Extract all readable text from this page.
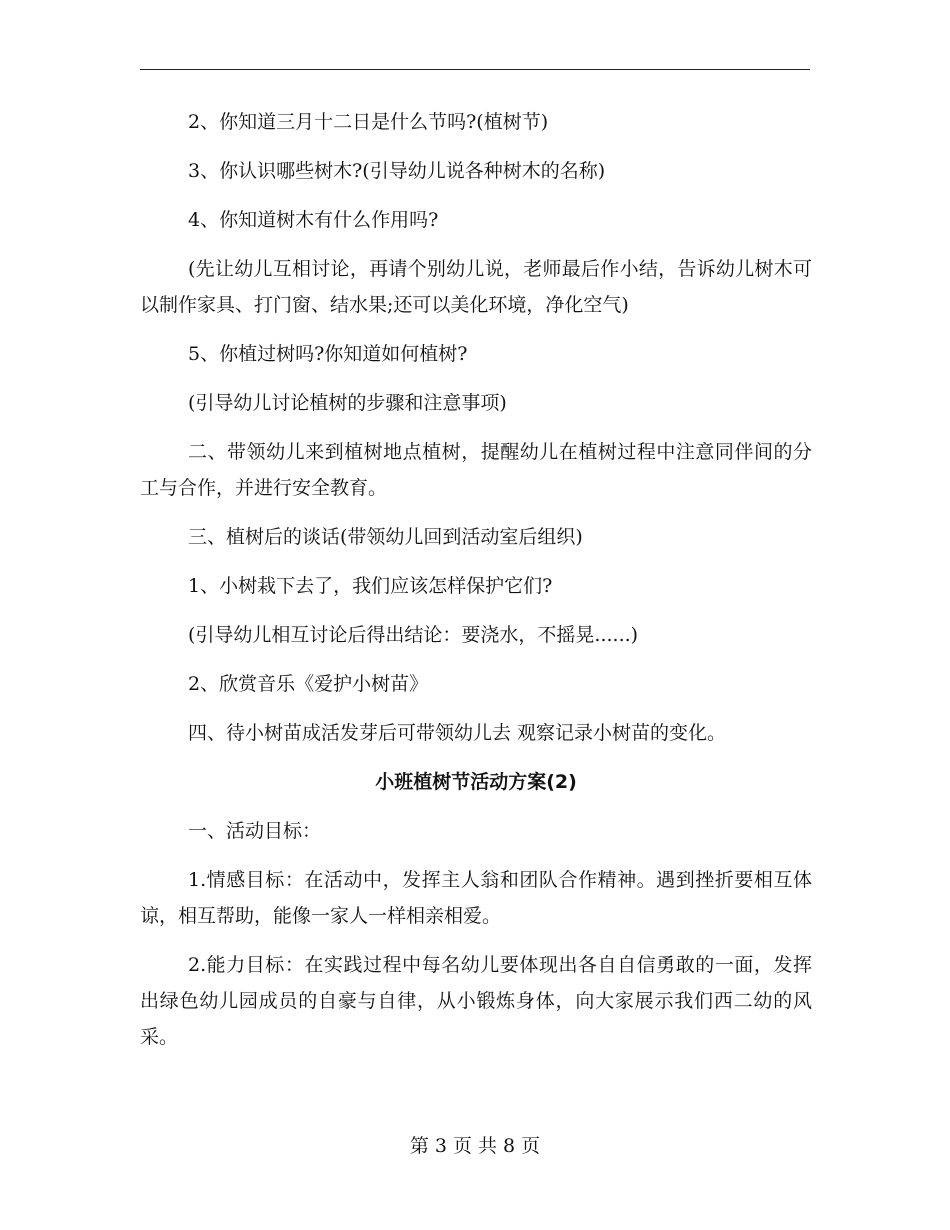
2、你知道三月十二日是什么节吗?(植树节)

3、你认识哪些树木?(引导幼儿说各种树木的名称)

4、你知道树木有什么作用吗?

(先让幼儿互相讨论，再请个别幼儿说，老师最后作小结，告诉幼儿树木可以制作家具、打门窗、结水果;还可以美化环境，净化空气)

5、你植过树吗?你知道如何植树?

(引导幼儿讨论植树的步骤和注意事项)

二、带领幼儿来到植树地点植树，提醒幼儿在植树过程中注意同伴间的分工与合作，并进行安全教育。

三、植树后的谈话(带领幼儿回到活动室后组织)

1、小树栽下去了，我们应该怎样保护它们?

(引导幼儿相互讨论后得出结论：要浇水，不摇晃......)

2、欣赏音乐《爱护小树苗》

四、待小树苗成活发芽后可带领幼儿去 观察记录小树苗的变化。

小班植树节活动方案(2)

一、活动目标：

1.情感目标：在活动中，发挥主人翁和团队合作精神。遇到挫折要相互体谅，相互帮助，能像一家人一样相亲相爱。

2.能力目标：在实践过程中每名幼儿要体现出各自自信勇敢的一面，发挥出绿色幼儿园成员的自豪与自律，从小锻炼身体，向大家展示我们西二幼的风采。

第 3 页 共 8 页
